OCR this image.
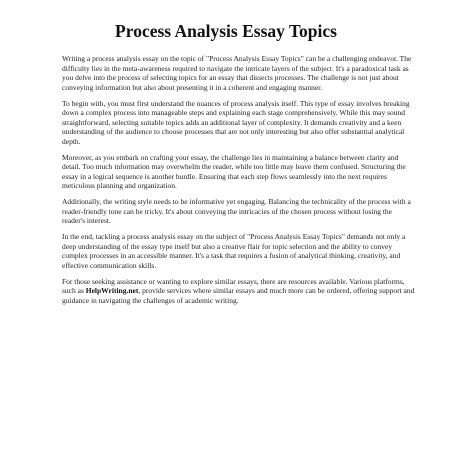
Process Analysis Essay Topics

Writing a process analysis essay on the topic of "Process Analysis Essay Topics" can be a challenging endeavor. The difficulty lies in the meta-awareness required to navigate the intricate layers of the subject. It's a paradoxical task as you delve into the process of selecting topics for an essay that dissects processes. The challenge is not just about conveying information but also about presenting it in a coherent and engaging manner.

To begin with, you must first understand the nuances of process analysis itself. This type of essay involves breaking down a complex process into manageable steps and explaining each stage comprehensively. While this may sound straightforward, selecting suitable topics adds an additional layer of complexity. It demands creativity and a keen understanding of the audience to choose processes that are not only interesting but also offer substantial analytical depth.

Moreover, as you embark on crafting your essay, the challenge lies in maintaining a balance between clarity and detail. Too much information may overwhelm the reader, while too little may leave them confused. Structuring the essay in a logical sequence is another hurdle. Ensuring that each step flows seamlessly into the next requires meticulous planning and organization.

Additionally, the writing style needs to be informative yet engaging. Balancing the technicality of the process with a reader-friendly tone can be tricky. It's about conveying the intricacies of the chosen process without losing the reader's interest.

In the end, tackling a process analysis essay on the subject of "Process Analysis Essay Topics" demands not only a deep understanding of the essay type itself but also a creative flair for topic selection and the ability to convey complex processes in an accessible manner. It's a task that requires a fusion of analytical thinking, creativity, and effective communication skills.

For those seeking assistance or wanting to explore similar essays, there are resources available. Various platforms, such as HelpWriting.net, provide services where similar essays and much more can be ordered, offering support and guidance in navigating the challenges of academic writing.
